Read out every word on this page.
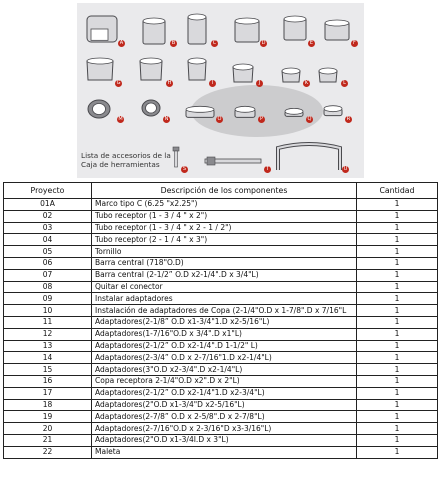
A	B	C	D	E	F
G	H	I	J	K	L
M	N	O	P	Q	R
S	T	U
Lista de accesorios de la
Caja de herramientas
Proyecto	Descripción de los componentes	Cantidad
01A	Marco tipo C (6.25 "x2.25")	1
02	Tubo receptor (1 - 3 / 4 " x 2")	1
03	Tubo receptor (1 - 3 / 4 " x 2 - 1 / 2")	1
04	Tubo receptor (2 - 1 / 4 " x 3")	1
05	Tornillo	1
06	Barra central (718"O.D)	1
07	Barra central (2-1/2” O.D x2-1/4".D x 3/4"L)	1
08	Quitar el conector	1
09	Instalar adaptadores	1
10	Instalación de adaptadores de Copa (2-1/4"O.D x 1-7/8".D x 7/16"L	1
11	Adaptadores(2-1/8” O.D x1-3/4"1.D x2-5/16"L)	1
12	Adaptadores(1-7/16"O.D x 3/4".D x1"L)	1
13	Adaptadores(2-1/2” O.D x2-1/4".D 1-1/2" L)	1
14	Adaptadores(2-3/4” O.D x 2-7/16"1.D x2-1/4"L)	1
15	Adaptadores(3"O.D x2-3/4".D x2-1/4"L)	1
16	Copa receptora 2-1/4"O.D x2".D x 2"L)	1
17	Adaptadores(2-1/2” O.D x2-1/4"1.D x2-3/4"L)	1
18	Adaptadores(2"O.D x1-3/4"D x2-5/16"L)	1
19	Adaptadores(2-7/8” O.D x 2-5/8".D x 2-7/8"L)	1
20	Adaptadores(2-7/16"O.D x 2-3/16"D x3-3/16"L)	1
21	Adaptadores(2"O.D x1-3/4I.D x 3"L)	1
22	Maleta	1
